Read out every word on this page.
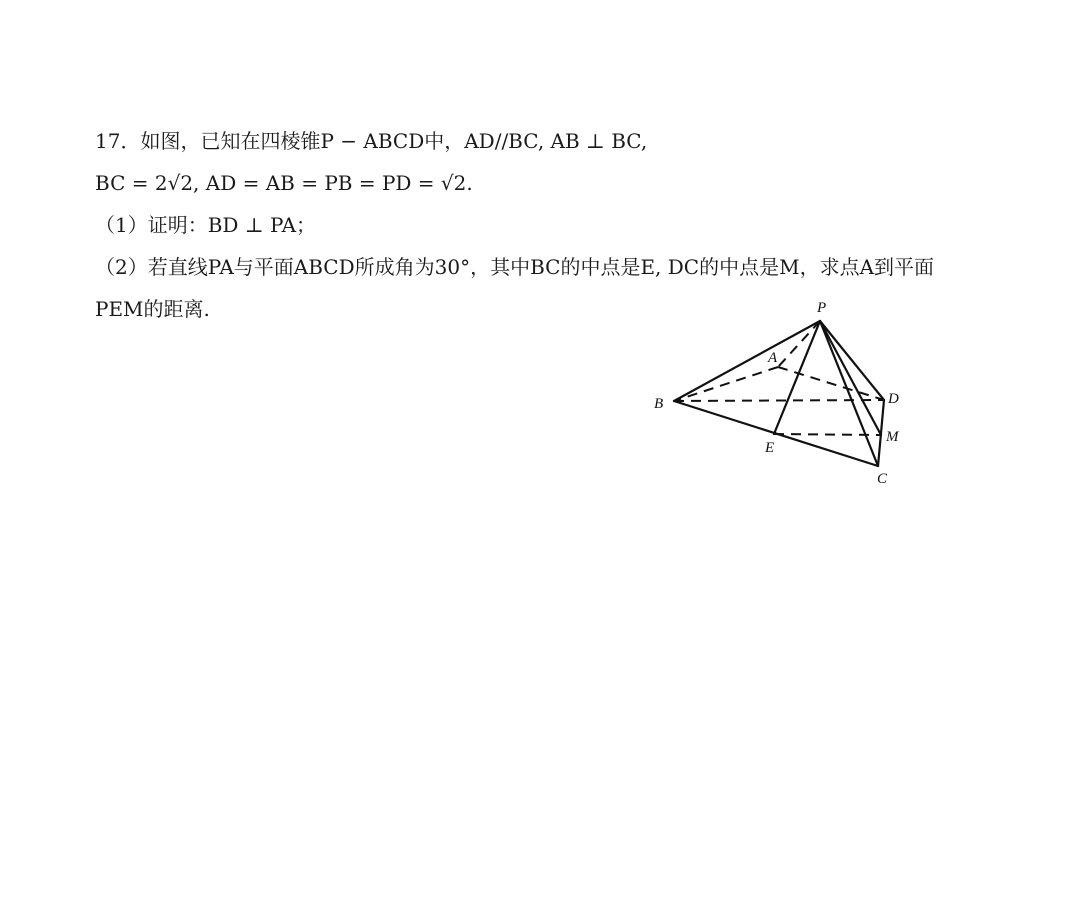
17．如图，已知在四棱锥P − ABCD中，AD//BC, AB ⊥ BC,
BC = 2√2, AD = AB = PB = PD = √2.
（1）证明：BD ⊥ PA；
（2）若直线PA与平面ABCD所成角为30°，其中BC的中点是E, DC的中点是M，求点A到平面
PEM的距离.	P
A
B	D
M
E
C
